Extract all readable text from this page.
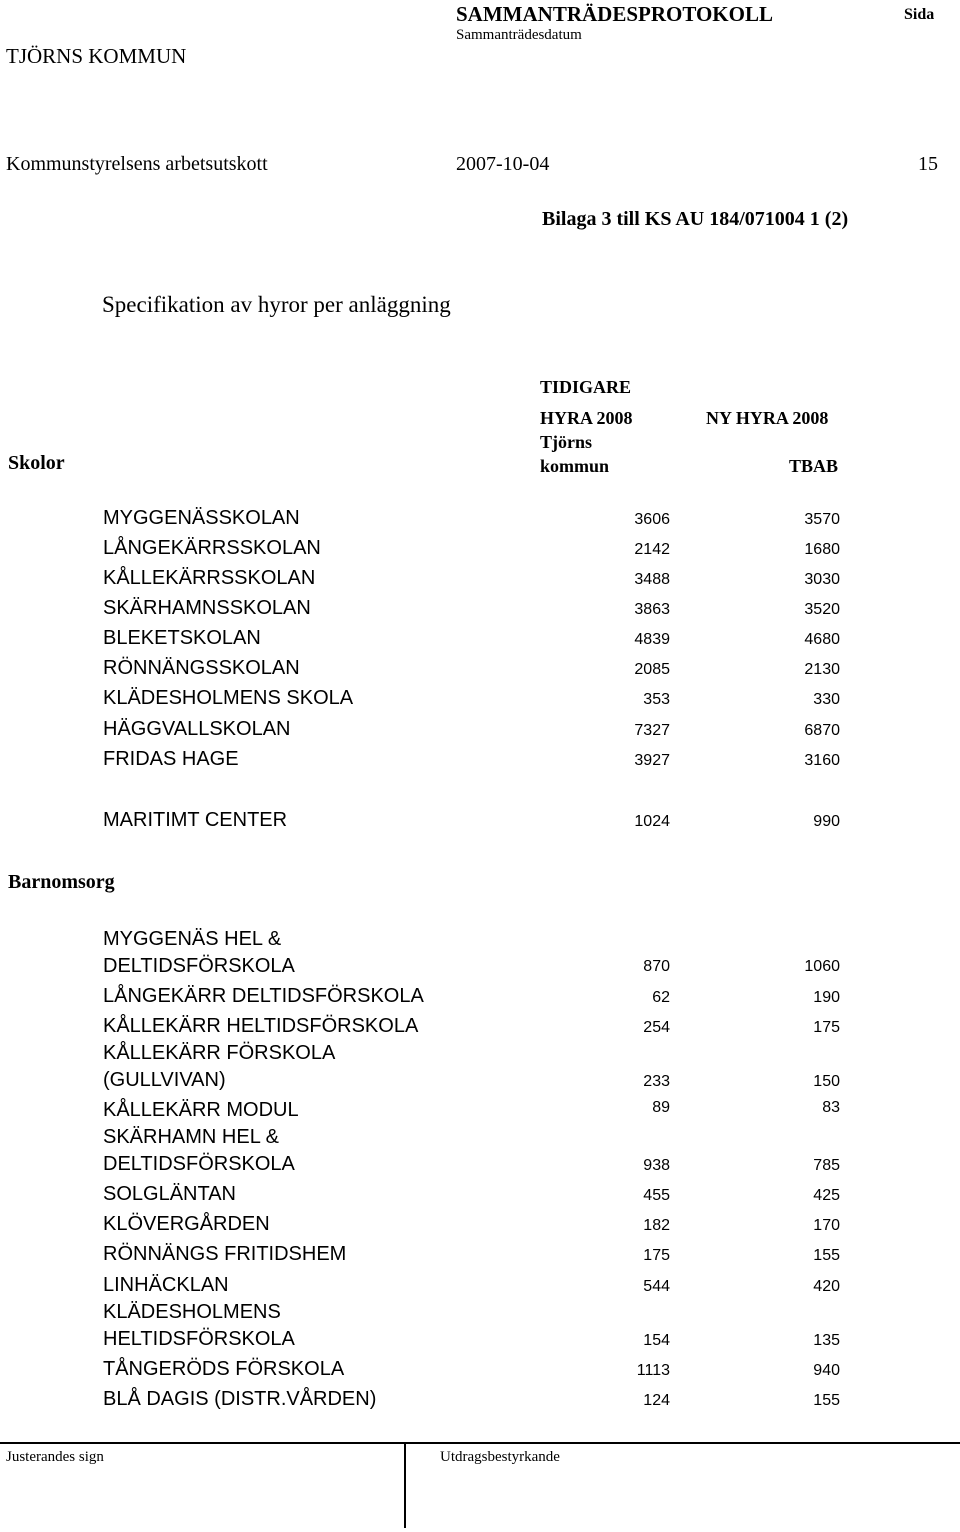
SAMMANTRÄDESPROTOKOLL	Sida
Sammanträdesdatum
TJÖRNS KOMMUN
Kommunstyrelsens arbetsutskott	2007-10-04	15
Bilaga 3 till KS AU 184/071004 1 (2)
Specifikation av hyror per anläggning
TIDIGARE
HYRA 2008
Tjörns
kommun
NY HYRA 2008
TBAB
Skolor
MYGGENÄSSKOLAN	3606	3570
LÅNGEKÄRRSSKOLAN	2142	1680
KÅLLEKÄRRSSKOLAN	3488	3030
SKÄRHAMNSSKOLAN	3863	3520
BLEKETSKOLAN	4839	4680
RÖNNÄNGSSKOLAN	2085	2130
KLÄDESHOLMENS SKOLA	353	330
HÄGGVALLSKOLAN	7327	6870
FRIDAS HAGE	3927	3160
MARITIMT CENTER	1024	990
Barnomsorg
MYGGENÄS HEL &
DELTIDSFÖRSKOLA	870	1060
LÅNGEKÄRR DELTIDSFÖRSKOLA	62	190
KÅLLEKÄRR HELTIDSFÖRSKOLA	254	175
KÅLLEKÄRR FÖRSKOLA
(GULLVIVAN)	233	150
KÅLLEKÄRR MODUL	89	83
SKÄRHAMN HEL &
DELTIDSFÖRSKOLA	938	785
SOLGLÄNTAN	455	425
KLÖVERGÅRDEN	182	170
RÖNNÄNGS FRITIDSHEM	175	155
LINHÄCKLAN	544	420
KLÄDESHOLMENS
HELTIDSFÖRSKOLA	154	135
TÅNGERÖDS FÖRSKOLA	1113	940
BLÅ DAGIS (DISTR.VÅRDEN)	124	155
Justerandes sign	Utdragsbestyrkande
